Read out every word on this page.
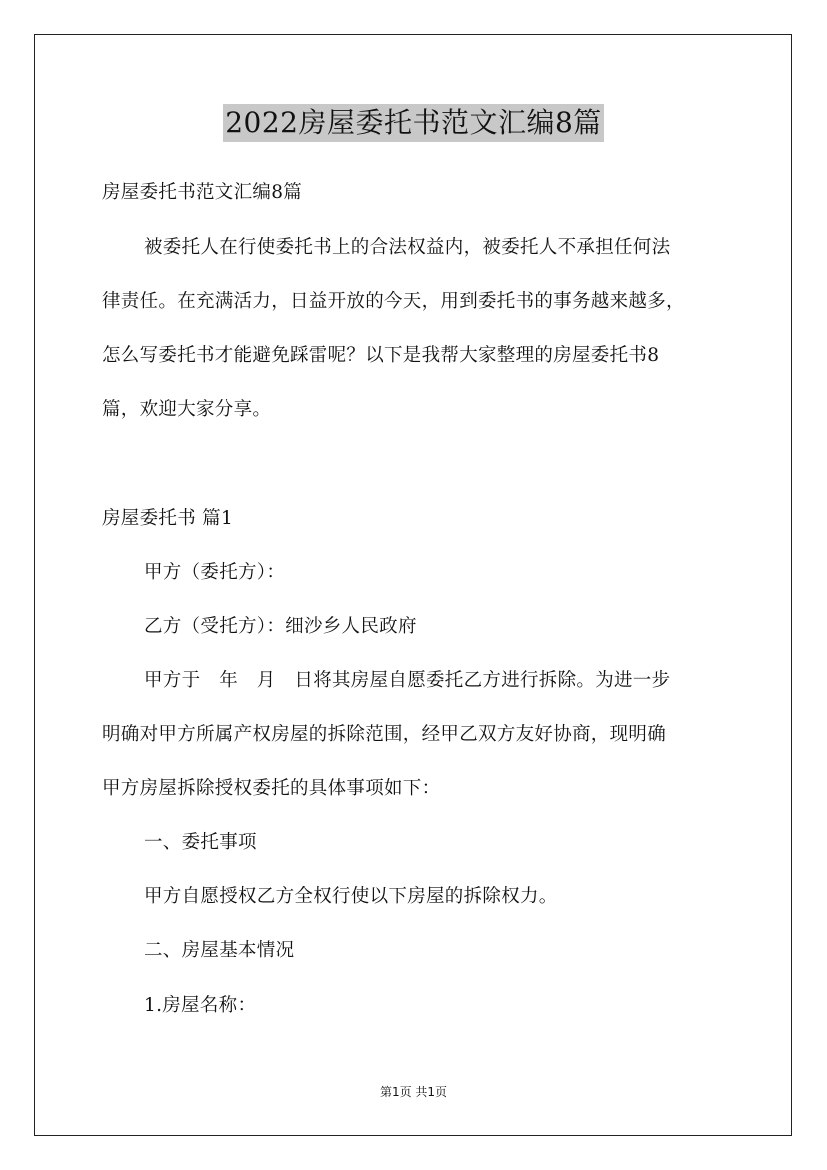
2022房屋委托书范文汇编8篇
房屋委托书范文汇编8篇
被委托人在行使委托书上的合法权益内，被委托人不承担任何法
律责任。在充满活力，日益开放的今天，用到委托书的事务越来越多，
怎么写委托书才能避免踩雷呢？以下是我帮大家整理的房屋委托书8
篇，欢迎大家分享。
房屋委托书 篇1
甲方（委托方）：
乙方（受托方）：细沙乡人民政府
甲方于　年　月　日将其房屋自愿委托乙方进行拆除。为进一步
明确对甲方所属产权房屋的拆除范围，经甲乙双方友好协商，现明确
甲方房屋拆除授权委托的具体事项如下：
一、委托事项
甲方自愿授权乙方全权行使以下房屋的拆除权力。
二、房屋基本情况
1.房屋名称：
第1页 共1页
